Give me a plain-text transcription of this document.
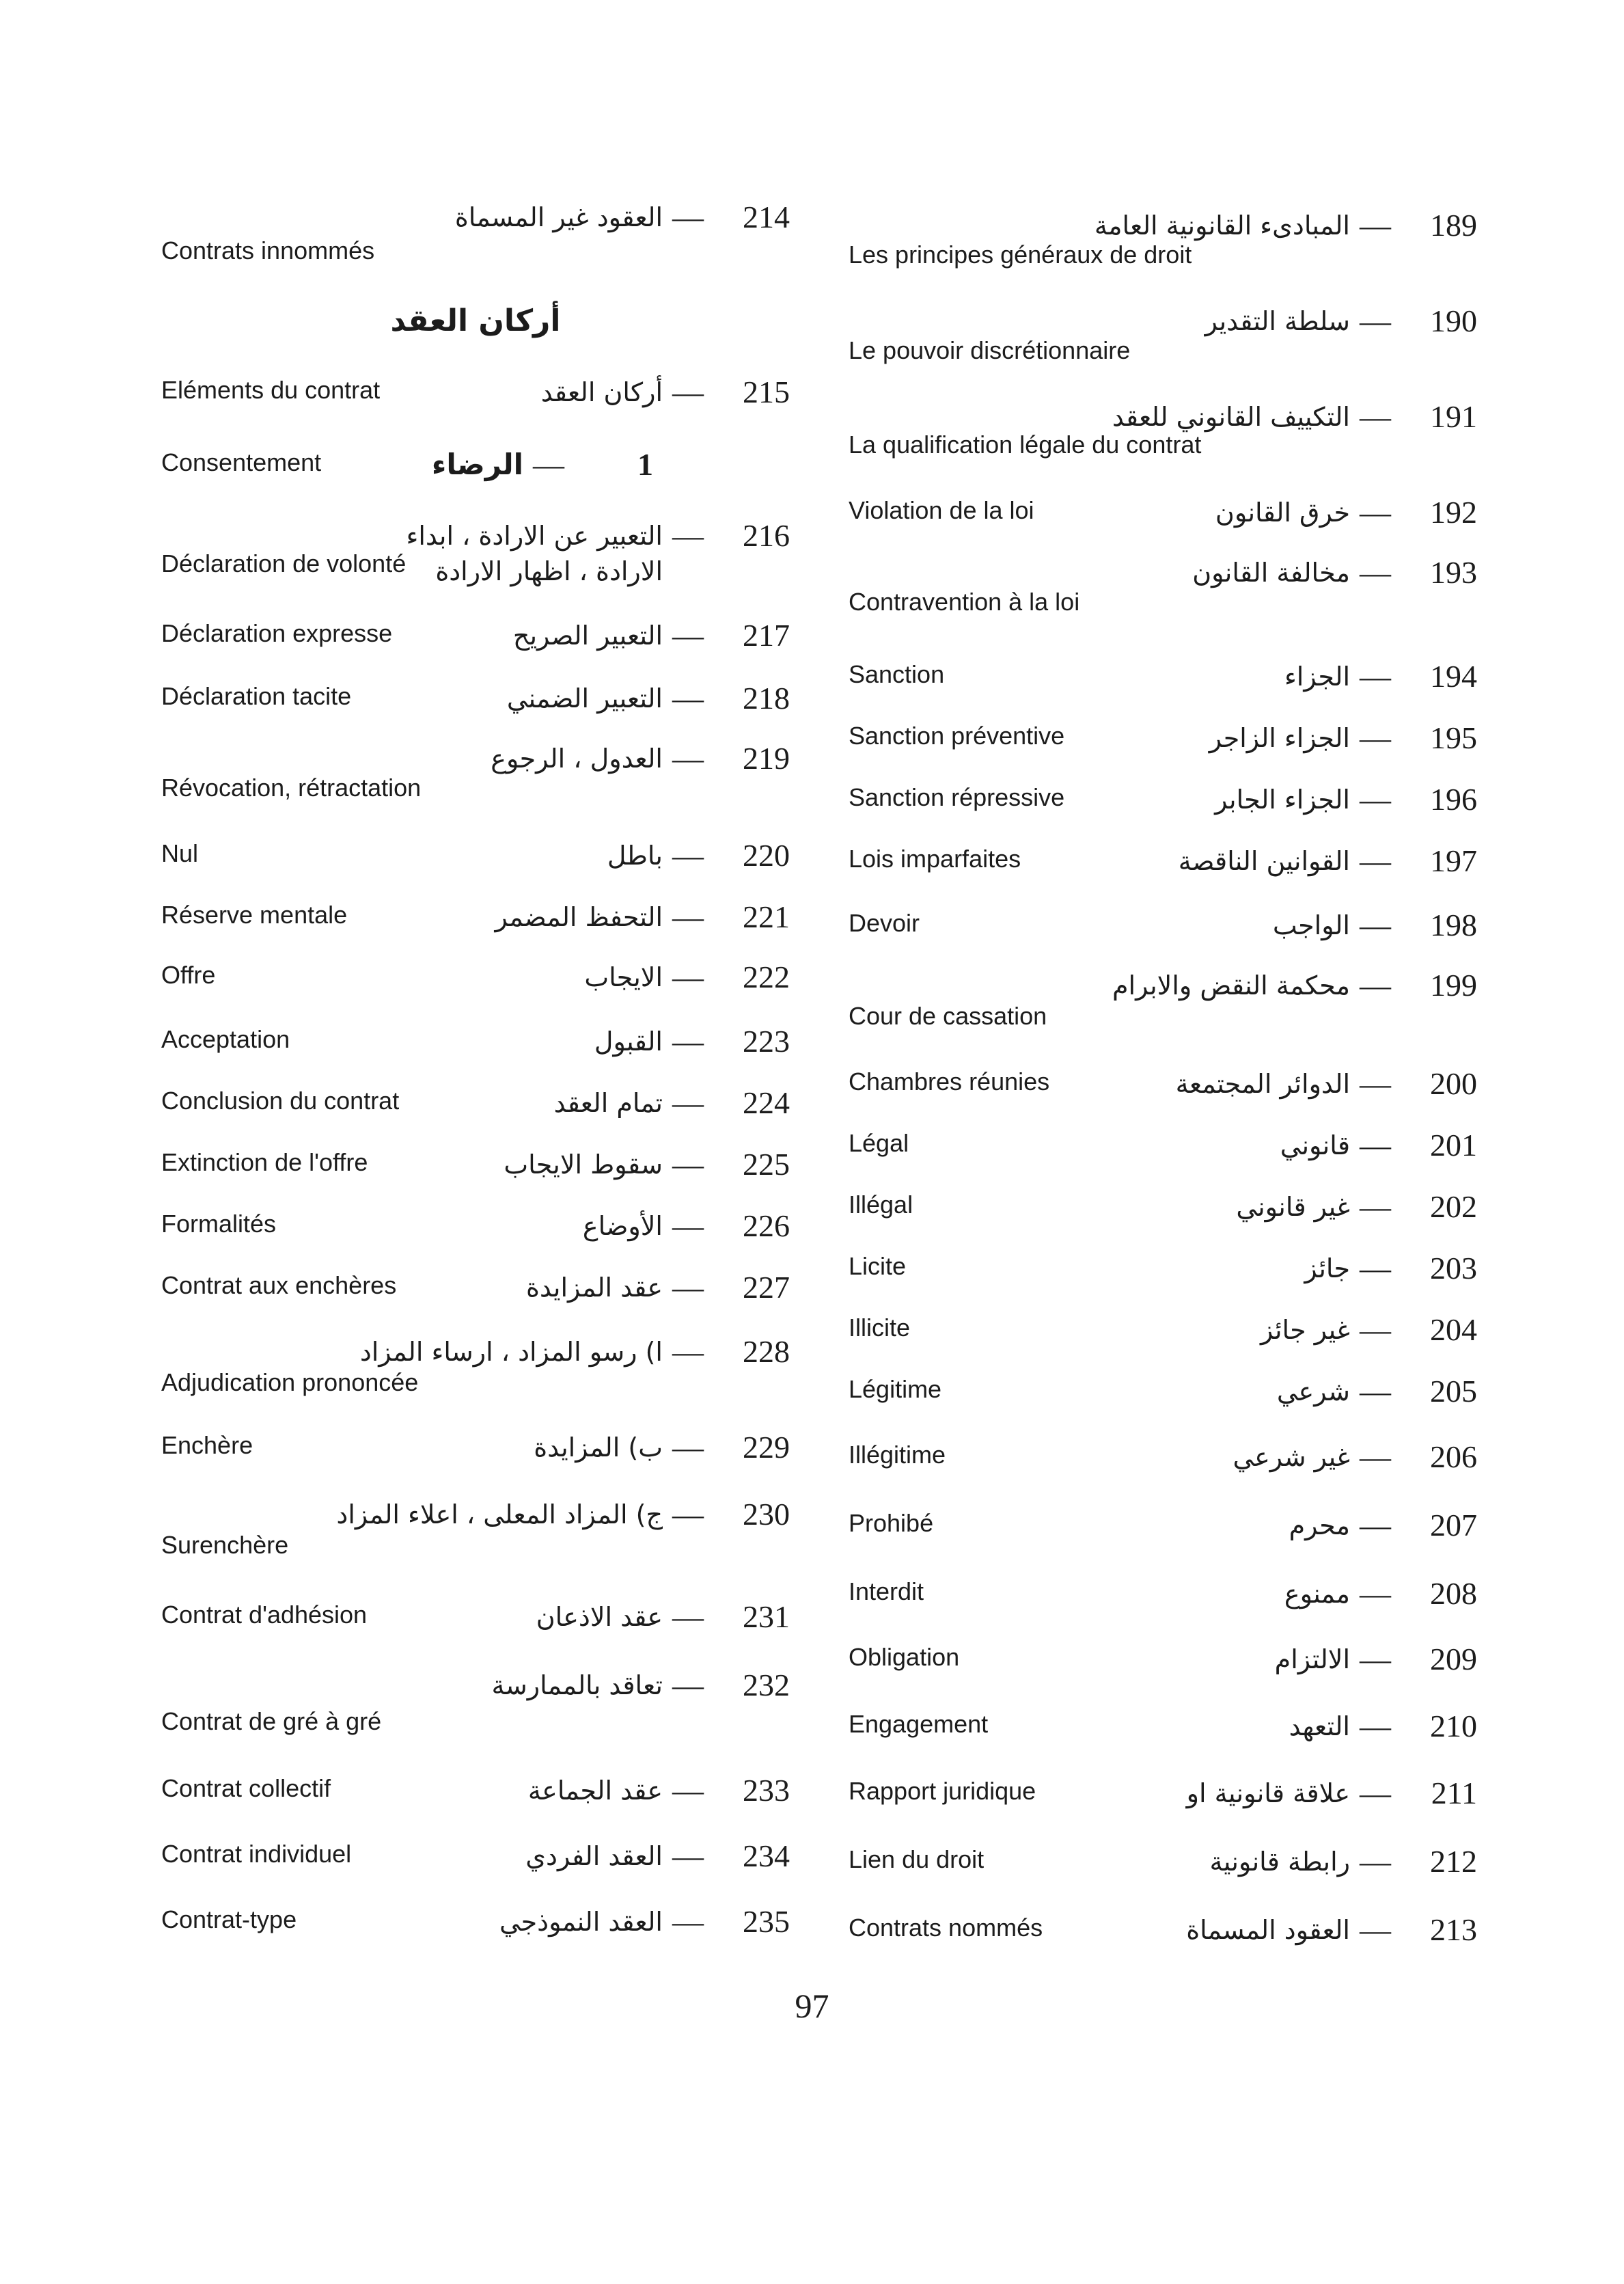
214
—
العقود غير المسماة
Contrats innommés
أركان العقد
215
—
أركان العقد
Eléments du contrat
1
—
الرضاء
Consentement
216
—
التعبير عن الارادة ، ابداء الارادة ، اظهار الارادة
Déclaration de volonté
217
—
التعبير الصريح
Déclaration expresse
218
—
التعبير الضمني
Déclaration tacite
219
—
العدول ، الرجوع
Révocation, rétractation
220
—
باطل
Nul
221
—
التحفظ المضمر
Réserve mentale
222
—
الايجاب
Offre
223
—
القبول
Acceptation
224
—
تمام العقد
Conclusion du contrat
225
—
سقوط الايجاب
Extinction de l'offre
226
—
الأوضاع
Formalités
227
—
عقد المزايدة
Contrat aux enchères
228
—
ا) رسو المزاد ، ارساء المزاد
Adjudication prononcée
229
—
ب) المزايدة
Enchère
230
—
ج) المزاد المعلى ، اعلاء المزاد
Surenchère
231
—
عقد الاذعان
Contrat d'adhésion
232
—
تعاقد بالممارسة
Contrat de gré à gré
233
—
عقد الجماعة
Contrat collectif
234
—
العقد الفردي
Contrat individuel
235
—
العقد النموذجي
Contrat-type
189
—
المبادىء القانونية العامة
Les principes généraux de droit
190
—
سلطة التقدير
Le pouvoir discrétionnaire
191
—
التكييف القانوني للعقد
La qualification légale du contrat
192
—
خرق القانون
Violation de la loi
193
—
مخالفة القانون
Contravention à la loi
194
—
الجزاء
Sanction
195
—
الجزاء الزاجر
Sanction préventive
196
—
الجزاء الجابر
Sanction répressive
197
—
القوانين الناقصة
Lois imparfaites
198
—
الواجب
Devoir
199
—
محكمة النقض والابرام
Cour de cassation
200
—
الدوائر المجتمعة
Chambres réunies
201
—
قانوني
Légal
202
—
غير قانوني
Illégal
203
—
جائز
Licite
204
—
غير جائز
Illicite
205
—
شرعي
Légitime
206
—
غير شرعي
Illégitime
207
—
محرم
Prohibé
208
—
ممنوع
Interdit
209
—
الالتزام
Obligation
210
—
التعهد
Engagement
211
—
علاقة قانونية او
Rapport juridique
212
—
رابطة قانونية
Lien du droit
213
—
العقود المسماة
Contrats nommés
97
